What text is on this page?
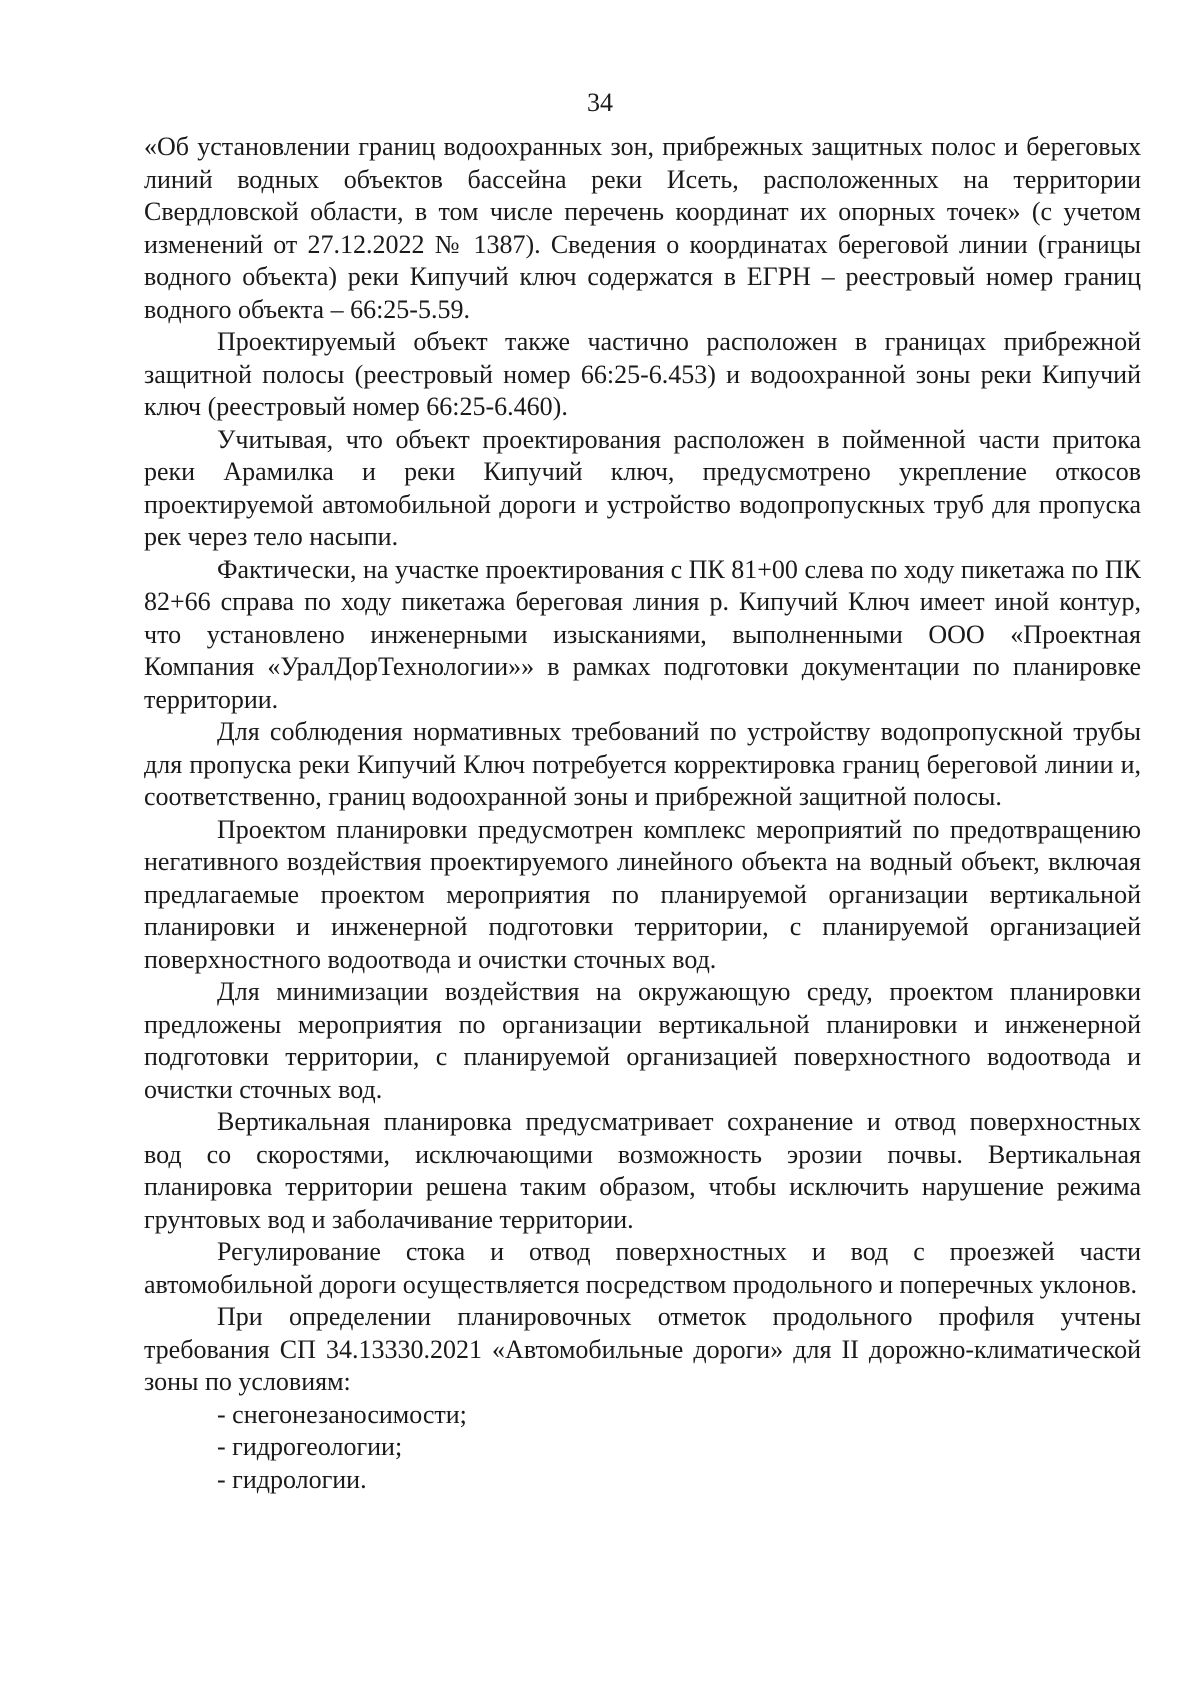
34

«Об установлении границ водоохранных зон, прибрежных защитных полос и береговых линий водных объектов бассейна реки Исеть, расположенных на территории Свердловской области, в том числе перечень координат их опорных точек» (с учетом изменений от 27.12.2022 № 1387). Сведения о координатах береговой линии (границы водного объекта) реки Кипучий ключ содержатся в ЕГРН – реестровый номер границ водного объекта – 66:25-5.59.

Проектируемый объект также частично расположен в границах прибрежной защитной полосы (реестровый номер 66:25-6.453) и водоохранной зоны реки Кипучий ключ (реестровый номер 66:25-6.460).

Учитывая, что объект проектирования расположен в пойменной части притока реки Арамилка и реки Кипучий ключ, предусмотрено укрепление откосов проектируемой автомобильной дороги и устройство водопропускных труб для пропуска рек через тело насыпи.

Фактически, на участке проектирования с ПК 81+00 слева по ходу пикетажа по ПК 82+66 справа по ходу пикетажа береговая линия р. Кипучий Ключ имеет иной контур, что установлено инженерными изысканиями, выполненными ООО «Проектная Компания «УралДорТехнологии»» в рамках подготовки документации по планировке территории.

Для соблюдения нормативных требований по устройству водопропускной трубы для пропуска реки Кипучий Ключ потребуется корректировка границ береговой линии и, соответственно, границ водоохранной зоны и прибрежной защитной полосы.

Проектом планировки предусмотрен комплекс мероприятий по предотвращению негативного воздействия проектируемого линейного объекта на водный объект, включая предлагаемые проектом мероприятия по планируемой организации вертикальной планировки и инженерной подготовки территории, с планируемой организацией поверхностного водоотвода и очистки сточных вод.

Для минимизации воздействия на окружающую среду, проектом планировки предложены мероприятия по организации вертикальной планировки и инженерной подготовки территории, с планируемой организацией поверхностного водоотвода и очистки сточных вод.

Вертикальная планировка предусматривает сохранение и отвод поверхностных вод со скоростями, исключающими возможность эрозии почвы. Вертикальная планировка территории решена таким образом, чтобы исключить нарушение режима грунтовых вод и заболачивание территории.

Регулирование стока и отвод поверхностных и вод с проезжей части автомобильной дороги осуществляется посредством продольного и поперечных уклонов.

При определении планировочных отметок продольного профиля учтены требования СП 34.13330.2021 «Автомобильные дороги» для II дорожно-климатической зоны по условиям:

- снегонезаносимости;
- гидрогеологии;
- гидрологии.
